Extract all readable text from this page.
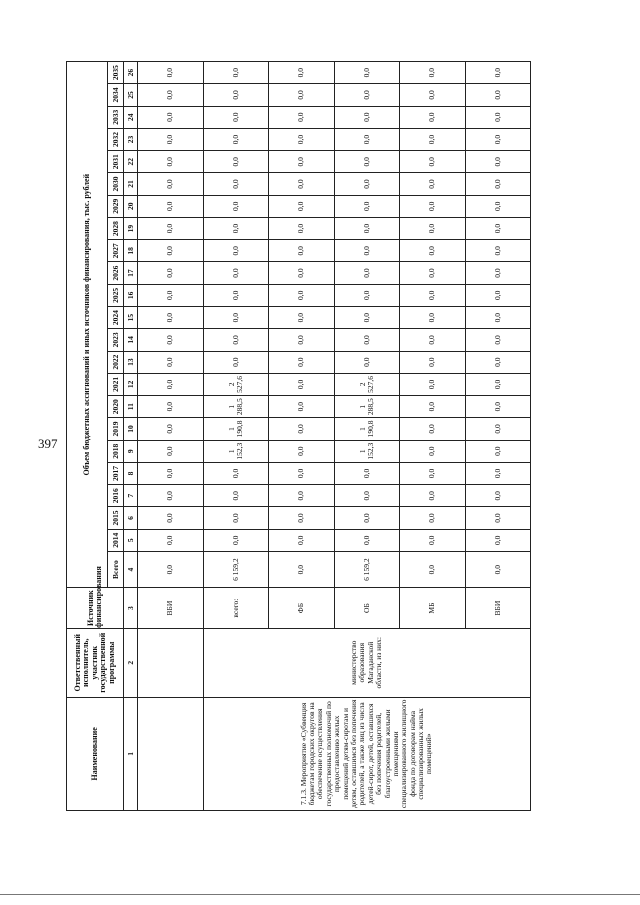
397
Наименование	Ответственный исполнитель, участник государственной программы	Источник финансирования	Объем бюджетных ассигнований и иных источников финансирования, тыс. рублей																						
			Всего	2014	2015	2016	2017	2018	2019	2020	2021	2022	2023	2024	2025	2026	2027	2028	2029	2030	2031	2032	2033	2034	2035
1	2	3	4	5	6	7	8	9	10	11	12	13	14	15	16	17	18	19	20	21	22	23	24	25	26
		ВБИ	0,0	0,0	0,0	0,0	0,0	0,0	0,0	0,0	0,0	0,0	0,0	0,0	0,0	0,0	0,0	0,0	0,0	0,0	0,0	0,0	0,0	0,0	0,0
7.1.3. Мероприятие «Субвенция бюджетам городских округов на обеспечение осуществления государственных полномочий по предоставлению жилых помещений детям-сиротам и детям, оставшимся без попечения родителей, а также лиц из числа детей-сирот, детей, оставшихся без попечения родителей, благоустроенными жилыми помещениями специализированного жилищного фонда по договорам найма специализированных жилых помещений»	министерство образования Магаданской области, из них:	всего:	6 159,2	0,0	0,0	0,0	0,0	1 152,3	1 190,8	1 288,5	2 527,6	0,0	0,0	0,0	0,0	0,0	0,0	0,0	0,0	0,0	0,0	0,0	0,0	0,0	0,0
		ФБ	0,0	0,0	0,0	0,0	0,0	0,0	0,0	0,0	0,0	0,0	0,0	0,0	0,0	0,0	0,0	0,0	0,0	0,0	0,0	0,0	0,0	0,0	0,0
		ОБ	6 159,2	0,0	0,0	0,0	0,0	1 152,3	1 190,8	1 288,5	2 527,6	0,0	0,0	0,0	0,0	0,0	0,0	0,0	0,0	0,0	0,0	0,0	0,0	0,0	0,0
		МБ	0,0	0,0	0,0	0,0	0,0	0,0	0,0	0,0	0,0	0,0	0,0	0,0	0,0	0,0	0,0	0,0	0,0	0,0	0,0	0,0	0,0	0,0	0,0
		ВБИ	0,0	0,0	0,0	0,0	0,0	0,0	0,0	0,0	0,0	0,0	0,0	0,0	0,0	0,0	0,0	0,0	0,0	0,0	0,0	0,0	0,0	0,0	0,0
